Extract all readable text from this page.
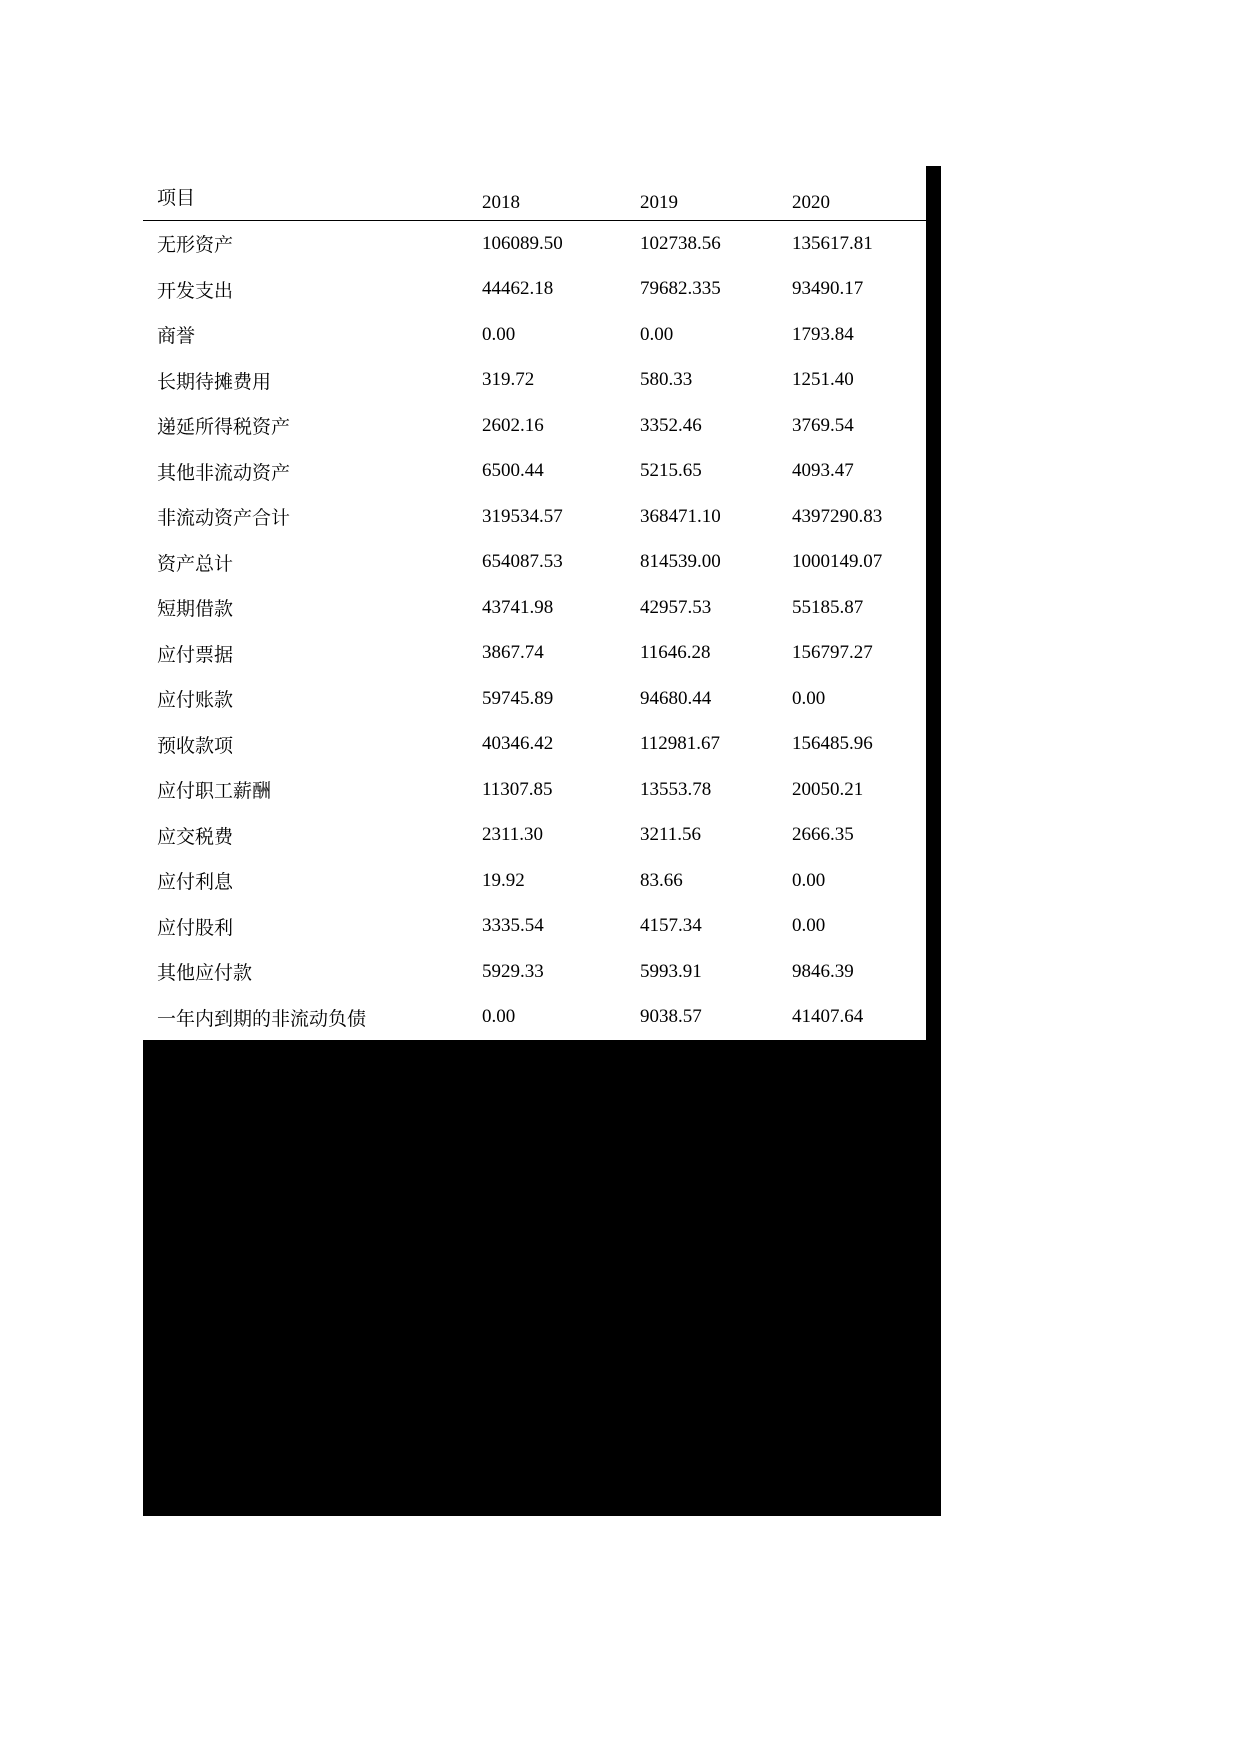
项目	2018	2019	2020
无形资产	106089.50	102738.56	135617.81
开发支出	44462.18	79682.335	93490.17
商誉	0.00	0.00	1793.84
长期待摊费用	319.72	580.33	1251.40
递延所得税资产	2602.16	3352.46	3769.54
其他非流动资产	6500.44	5215.65	4093.47
非流动资产合计	319534.57	368471.10	4397290.83
资产总计	654087.53	814539.00	1000149.07
短期借款	43741.98	42957.53	55185.87
应付票据	3867.74	11646.28	156797.27
应付账款	59745.89	94680.44	0.00
预收款项	40346.42	112981.67	156485.96
应付职工薪酬	11307.85	13553.78	20050.21
应交税费	2311.30	3211.56	2666.35
应付利息	19.92	83.66	0.00
应付股利	3335.54	4157.34	0.00
其他应付款	5929.33	5993.91	9846.39
一年内到期的非流动负债	0.00	9038.57	41407.64
